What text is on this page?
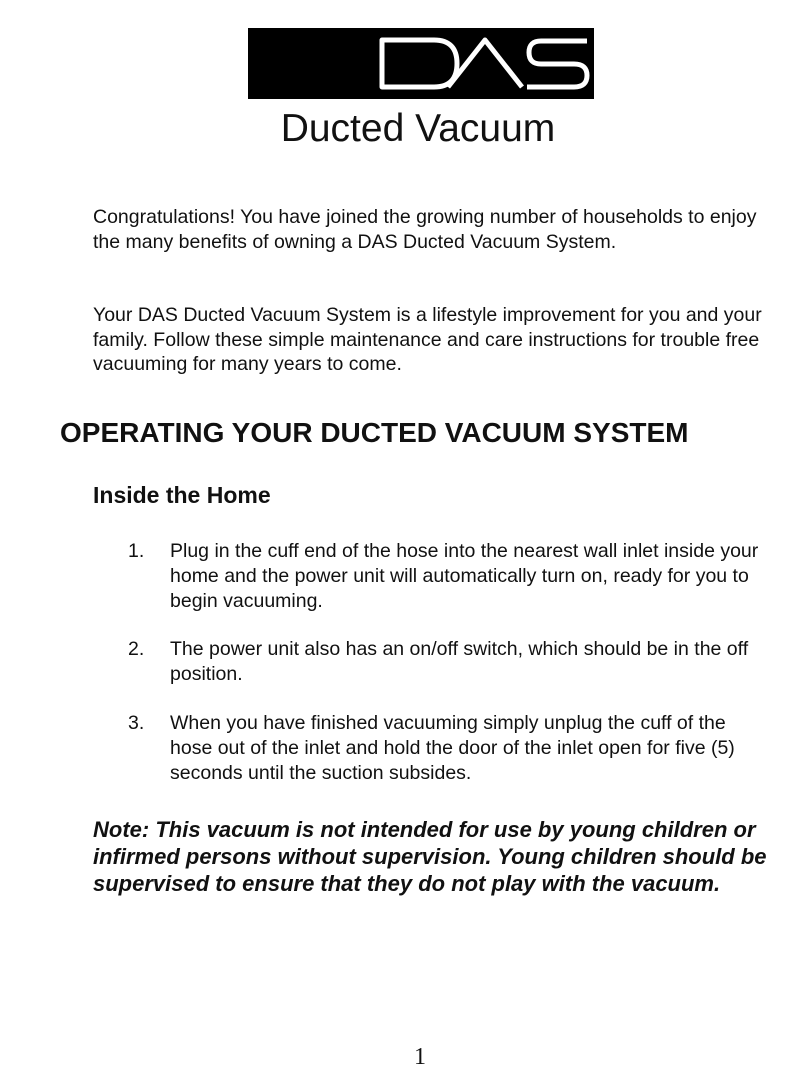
Ducted Vacuum

Congratulations! You have joined the growing number of households to enjoy the many benefits of owning a DAS Ducted Vacuum System.

Your DAS Ducted Vacuum System is a lifestyle improvement for you and your family. Follow these simple maintenance and care instructions for trouble free vacuuming for many years to come.

OPERATING YOUR DUCTED VACUUM SYSTEM
Inside the Home
1.	Plug in the cuff end of the hose into the nearest wall inlet inside your home and the power unit will automatically turn on, ready for you to begin vacuuming.
2.	The power unit also has an on/off switch, which should be in the off position.
3.	When you have finished vacuuming simply unplug the cuff of the hose out of the inlet and hold the door of the inlet open for five (5) seconds until the suction subsides.

Note: This vacuum is not intended for use by young children or infirmed persons without supervision. Young children should be supervised to ensure that they do not play with the vacuum.

1
